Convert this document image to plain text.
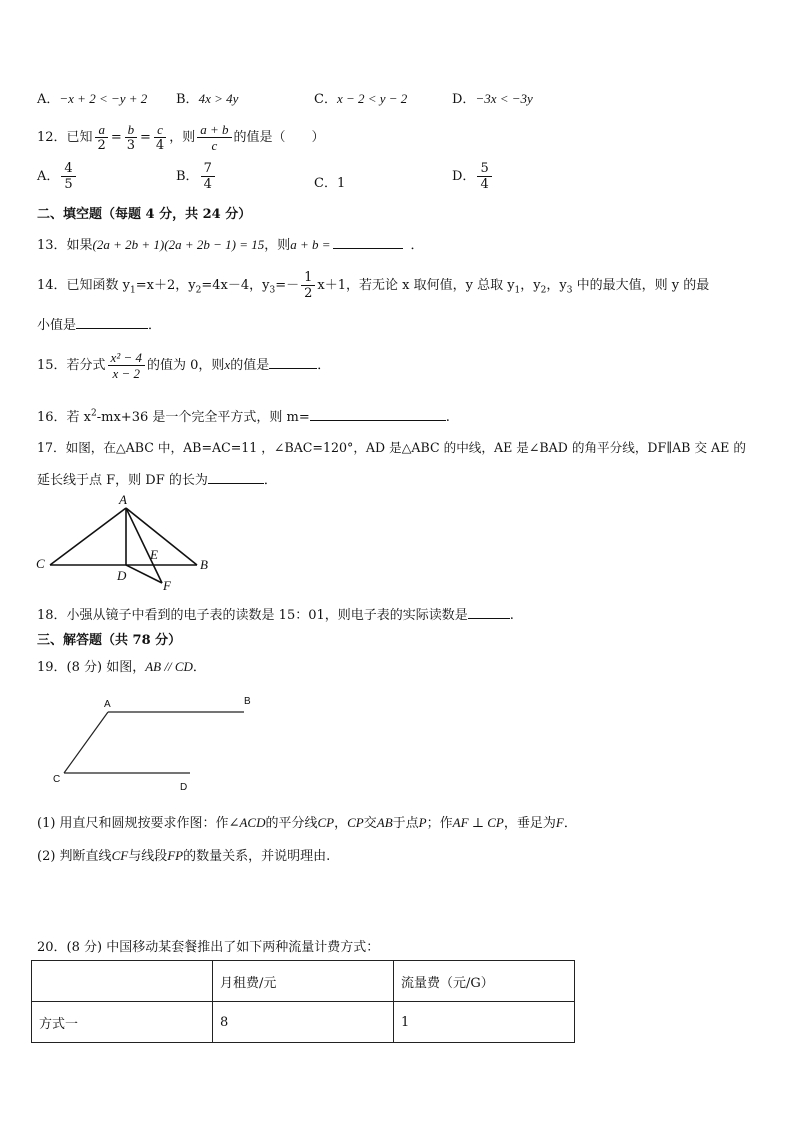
A．−x + 2 < −y + 2 B．4x > 4y	C．x − 2 < y − 2	D．−3x < −3y
12．已知 $\frac{a}{2} = \frac{b}{3} = \frac{c}{4}$ ，则 $\frac{a + b}{c}$ 的值是（　　）
A． $\frac{4}{5}$	B． $\frac{7}{4}$	C．1	D． $\frac{5}{4}$
二、填空题（每题 4 分，共 24 分）
13．如果(2a + 2b + 1)(2a + 2b − 1) = 15，则a + b =	．
14．已知函数 $y_1=x+2$，$y_2=4x-4$，$y_3=- \frac{1}{2} x+1$，若无论 x 取何值，y 总取 $y_1$，$y_2$，$y_3$ 中的最大值，则 y 的最
小值是	．
15．若分式 $\frac{\text{x² − 4}}{x - 2}$ 的值为 0，则x的值是	．
16．若 $x^2-mx+36$ 是一个完全平方式，则 m=	.
17．如图，在△ABC 中，AB=AC=11 ，∠BAC=120°，AD 是△ABC 的中线，AE 是∠BAD 的角平分线，DF∥AB 交 AE 的
延长线于点 F，则 DF 的长为	．
A
C	B
D
E
F
18．小强从镜子中看到的电子表的读数是 15：01，则电子表的实际读数是	.
三、解答题（共 78 分）
19．(8 分) 如图，AB // CD．
A	B
C
D
(1) 用直尺和圆规按要求作图：作∠ACD的平分线CP，CP交AB于点P；作AF ⊥ CP，垂足为F．
(2) 判断直线CF与线段FP的数量关系，并说明理由.
20．(8 分) 中国移动某套餐推出了如下两种流量计费方式：
	月租费/元	流量费（元/G）
方式一	8	1
